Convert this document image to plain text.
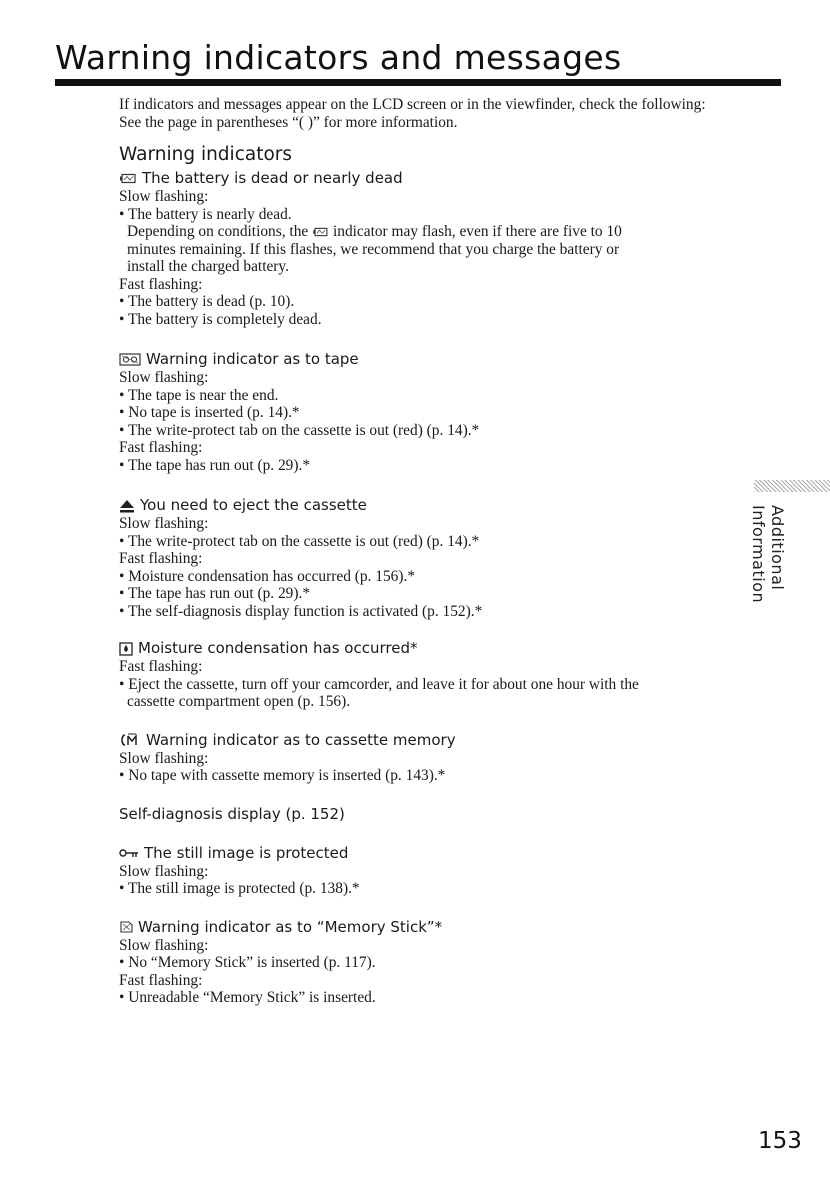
Warning indicators and messages

If indicators and messages appear on the LCD screen or in the viewfinder, check the following:

See the page in parentheses “( )” for more information.

Warning indicators
The battery is dead or nearly dead
Slow flashing:
• The battery is nearly dead.
Depending on conditions, the indicator may flash, even if there are five to 10
minutes remaining. If this flashes, we recommend that you charge the battery or
install the charged battery.
Fast flashing:
• The battery is dead (p. 10).
• The battery is completely dead.
Warning indicator as to tape
Slow flashing:
• The tape is near the end.
• No tape is inserted (p. 14).*
• The write-protect tab on the cassette is out (red) (p. 14).*
Fast flashing:
• The tape has run out (p. 29).*
You need to eject the cassette
Slow flashing:
• The write-protect tab on the cassette is out (red) (p. 14).*
Fast flashing:
• Moisture condensation has occurred (p. 156).*
• The tape has run out (p. 29).*
• The self-diagnosis display function is activated (p. 152).*
Moisture condensation has occurred*
Fast flashing:
• Eject the cassette, turn off your camcorder, and leave it for about one hour with the
cassette compartment open (p. 156).
Warning indicator as to cassette memory
Slow flashing:
• No tape with cassette memory is inserted (p. 143).*
Self-diagnosis display (p. 152)
The still image is protected
Slow flashing:
• The still image is protected (p. 138).*
Warning indicator as to “Memory Stick”*
Slow flashing:
• No “Memory Stick” is inserted (p. 117).
Fast flashing:
• Unreadable “Memory Stick” is inserted.
Additional Information
153
